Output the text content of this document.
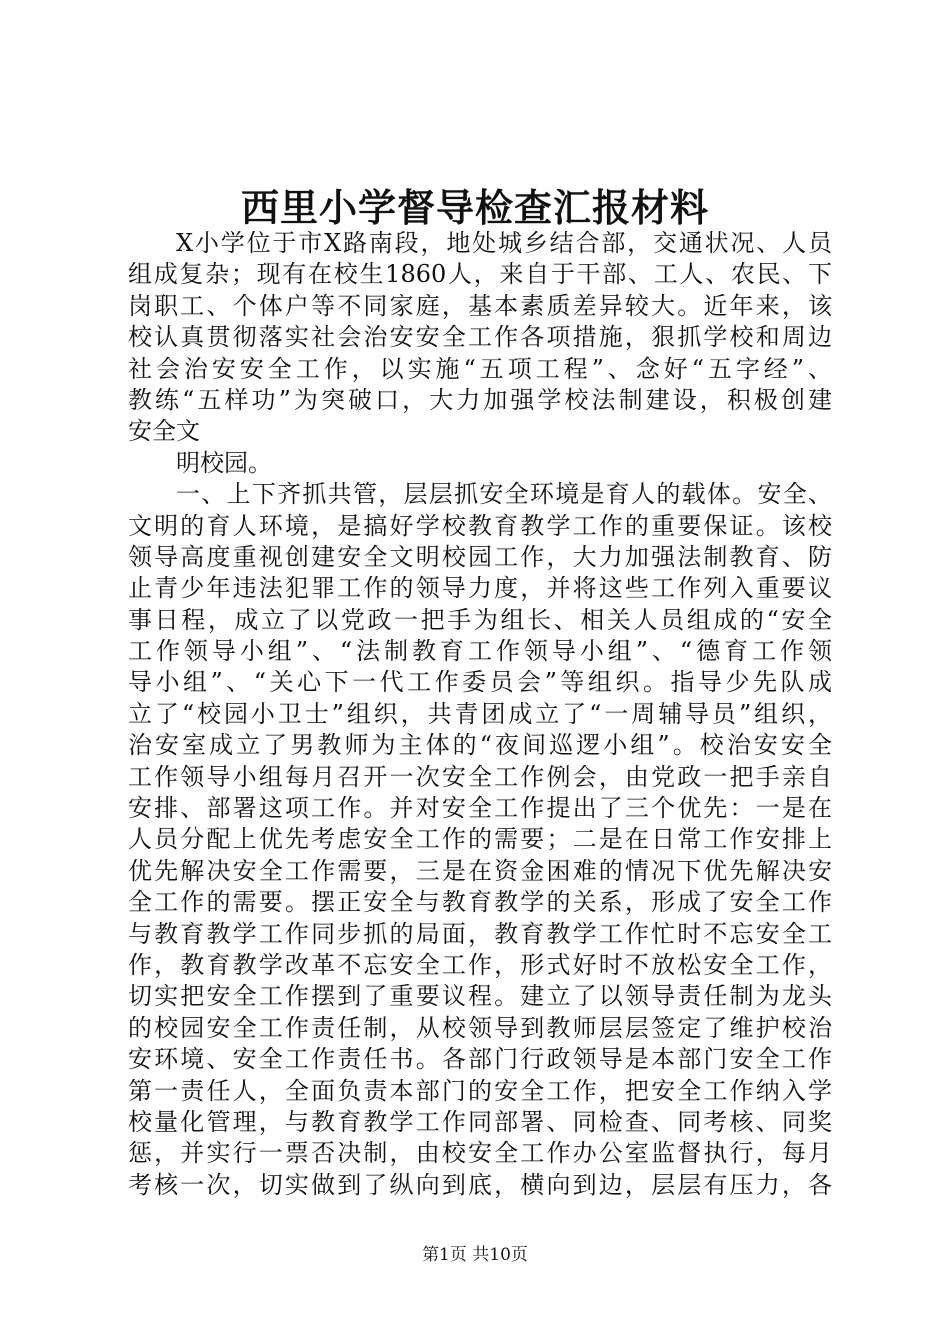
西里小学督导检查汇报材料
X小学位于市X路南段，地处城乡结合部，交通状况、人员
组成复杂；现有在校生1860人，来自于干部、工人、农民、下
岗职工、个体户等不同家庭，基本素质差异较大。近年来，该
校认真贯彻落实社会治安安全工作各项措施，狠抓学校和周边
社会治安安全工作，以实施“五项工程”、念好“五字经”、
教练“五样功”为突破口，大力加强学校法制建设，积极创建
安全文
明校园。
一、上下齐抓共管，层层抓安全环境是育人的载体。安全、
文明的育人环境，是搞好学校教育教学工作的重要保证。该校
领导高度重视创建安全文明校园工作，大力加强法制教育、防
止青少年违法犯罪工作的领导力度，并将这些工作列入重要议
事日程，成立了以党政一把手为组长、相关人员组成的“安全
工作领导小组”、“法制教育工作领导小组”、“德育工作领
导小组”、“关心下一代工作委员会”等组织。指导少先队成
立了“校园小卫士”组织，共青团成立了“一周辅导员”组织，
治安室成立了男教师为主体的“夜间巡逻小组”。校治安安全
工作领导小组每月召开一次安全工作例会，由党政一把手亲自
安排、部署这项工作。并对安全工作提出了三个优先：一是在
人员分配上优先考虑安全工作的需要；二是在日常工作安排上
优先解决安全工作需要，三是在资金困难的情况下优先解决安
全工作的需要。摆正安全与教育教学的关系，形成了安全工作
与教育教学工作同步抓的局面，教育教学工作忙时不忘安全工
作，教育教学改革不忘安全工作，形式好时不放松安全工作，
切实把安全工作摆到了重要议程。建立了以领导责任制为龙头
的校园安全工作责任制，从校领导到教师层层签定了维护校治
安环境、安全工作责任书。各部门行政领导是本部门安全工作
第一责任人，全面负责本部门的安全工作，把安全工作纳入学
校量化管理，与教育教学工作同部署、同检查、同考核、同奖
惩，并实行一票否决制，由校安全工作办公室监督执行，每月
考核一次，切实做到了纵向到底，横向到边，层层有压力，各
第1页 共10页
